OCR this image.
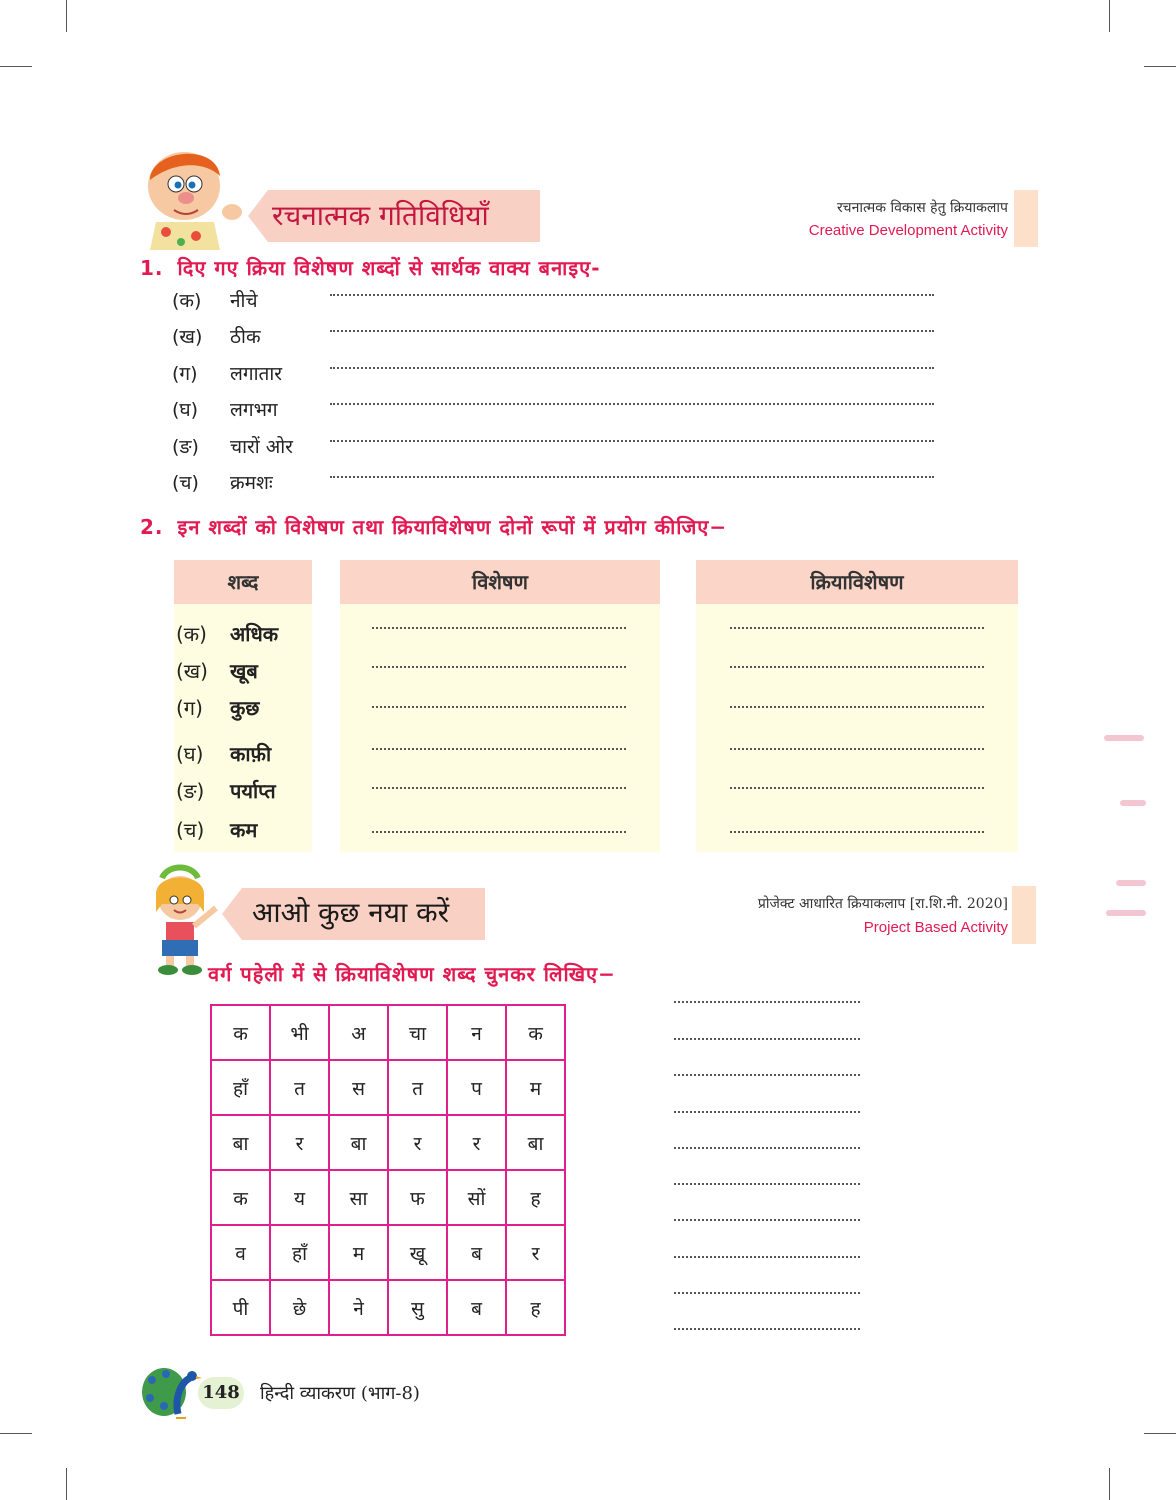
रचनात्मक गतिविधियाँ	रचनात्मक विकास हेतु क्रियाकलाप
Creative Development Activity
1. दिए गए क्रिया विशेषण शब्दों से सार्थक वाक्य बनाइए-
(क) नीचे
(ख) ठीक
(ग) लगातार
(घ) लगभग
(ङ) चारों ओर
(च) क्रमशः
2. इन शब्दों को विशेषण तथा क्रियाविशेषण दोनों रूपों में प्रयोग कीजिए−
शब्द	विशेषण	क्रियाविशेषण
(क) अधिक
(ख) खूब
(ग) कुछ
(घ) काफ़ी
(ङ) पर्याप्त
(च) कम
आओ कुछ नया करें	प्रोजेक्ट आधारित क्रियाकलाप [रा.शि.नी. 2020]
Project Based Activity
वर्ग पहेली में से क्रियाविशेषण शब्द चुनकर लिखिए−
क	भी	अ	चा	न	क
हाँ	त	स	त	प	म
बा	र	बा	र	र	बा
क	य	सा	फ	सों	ह
व	हाँ	म	खू	ब	र
पी	छे	ने	सु	ब	ह
148 हिन्दी व्याकरण (भाग-8)
